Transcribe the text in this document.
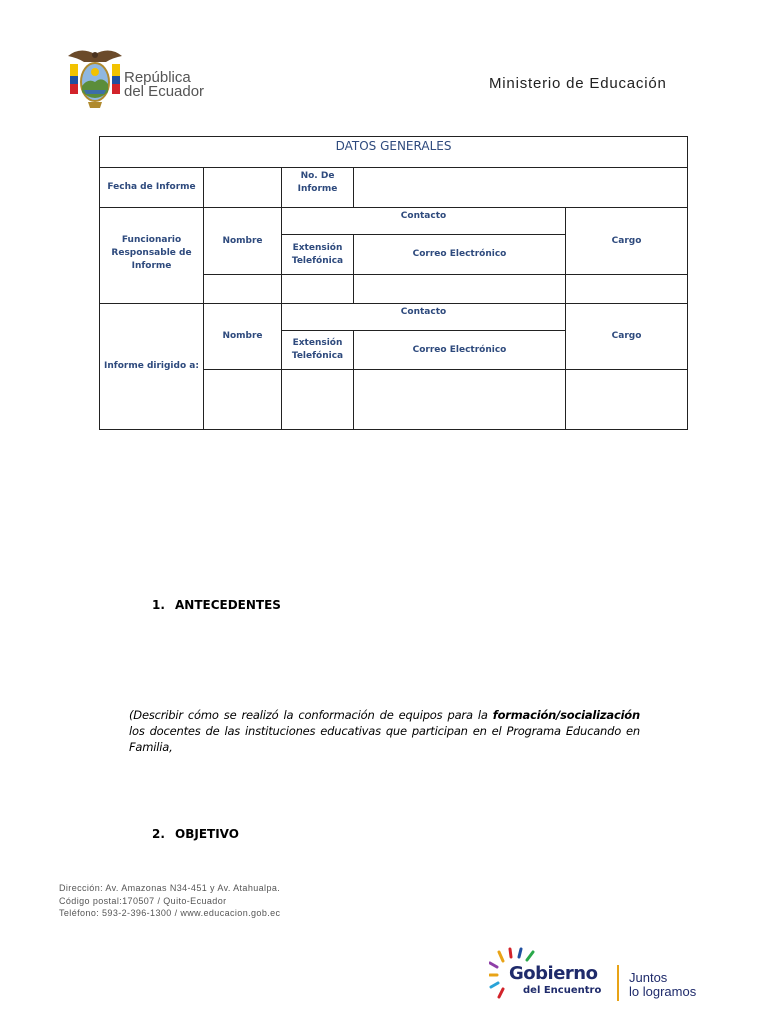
República
del Ecuador	Ministerio de Educación
DATOS GENERALES				
Fecha de Informe		No. De Informe		
Funcionario Responsable de Informe	Nombre	Contacto		Cargo
		Extensión Telefónica	Correo Electrónico	

Informe dirigido a:	Nombre	Contacto		Cargo
		Extensión Telefónica	Correo Electrónico	

1. ANTECEDENTES
(Describir cómo se realizó la conformación de equipos para la formación/socialización los docentes de las instituciones educativas que participan en el Programa Educando en Familia,
2. OBJETIVO
Dirección: Av. Amazonas N34-451 y Av. Atahualpa.
Código postal:170507 / Quito-Ecuador
Teléfono: 593-2-396-1300 / www.educacion.gob.ec
Gobierno
del Encuentro
Juntos
lo logramos
